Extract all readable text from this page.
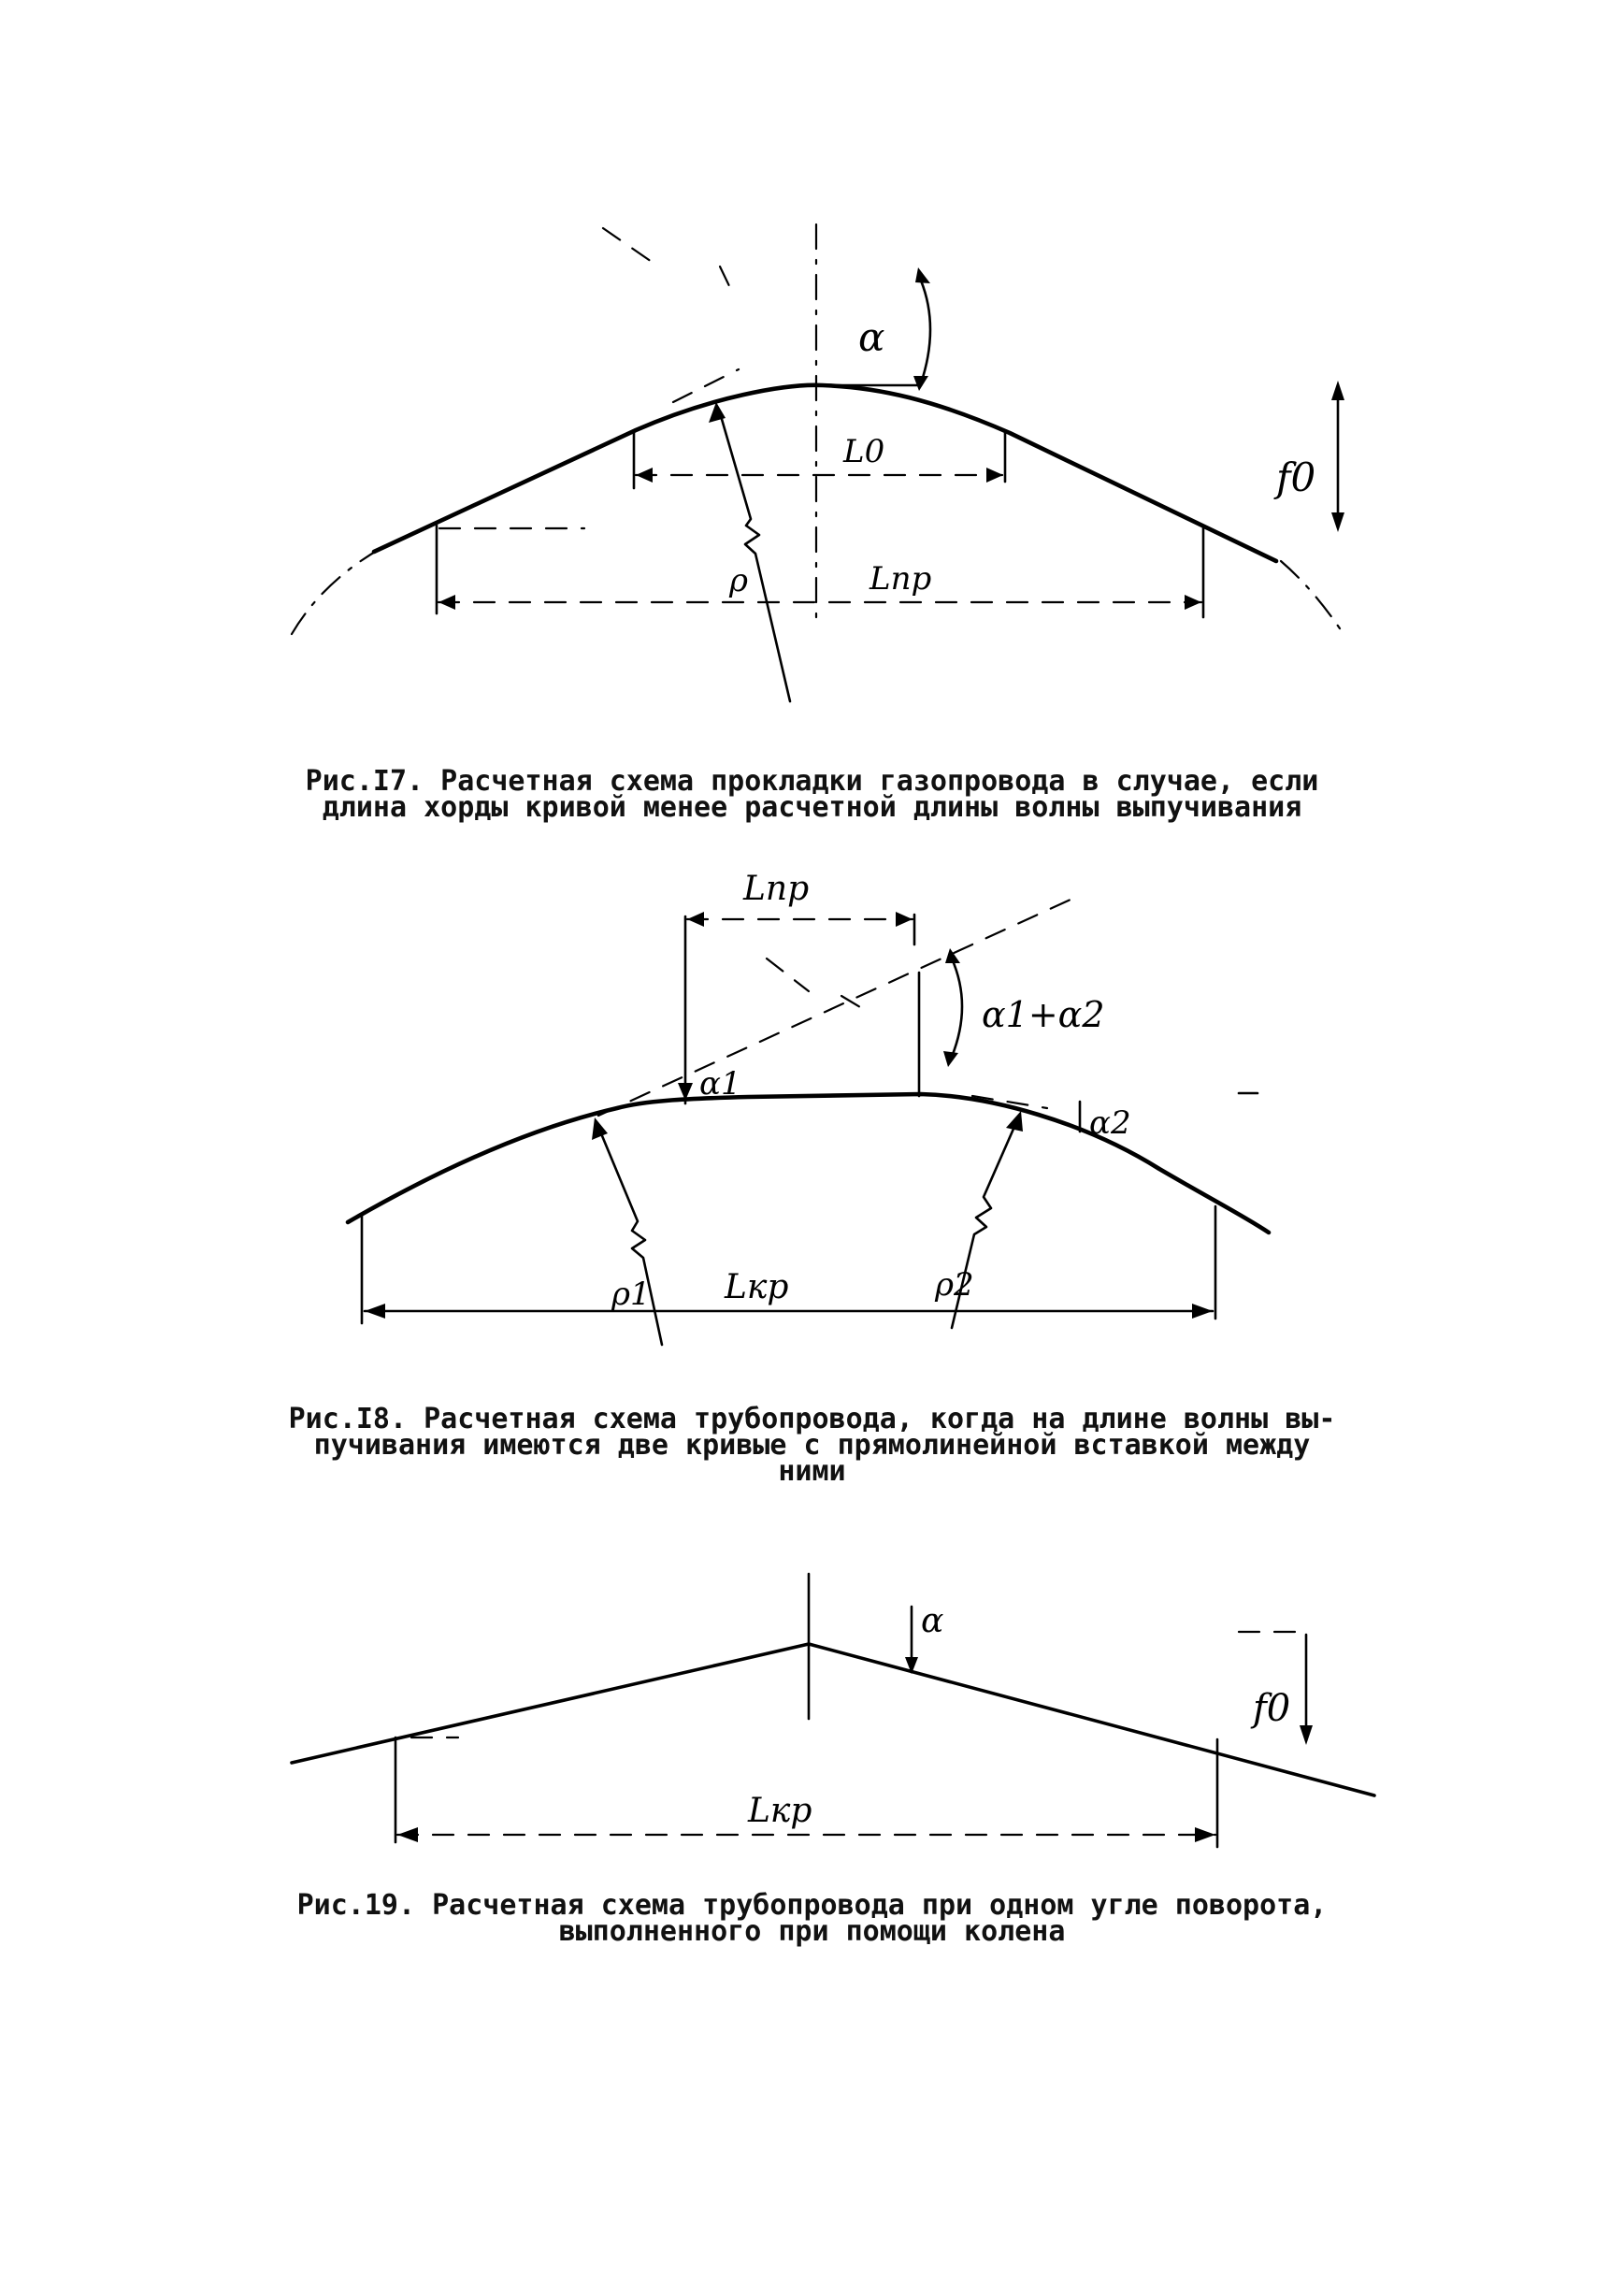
α
L0
Lпр
ρ
f0
Рис.I7. Расчетная схема прокладки газопровода в случае, если
длина хорды кривой менее расчетной длины волны выпучивания
α1+α2
Lпр
α1
α2
Lкр
ρ1	ρ2
Рис.I8. Расчетная схема трубопровода, когда на длине волны вы-
пучивания имеются две кривые с прямолинейной вставкой между
ними
α
f0
Lкр
Рис.19. Расчетная схема трубопровода при одном угле поворота,
выполненного при помощи колена
